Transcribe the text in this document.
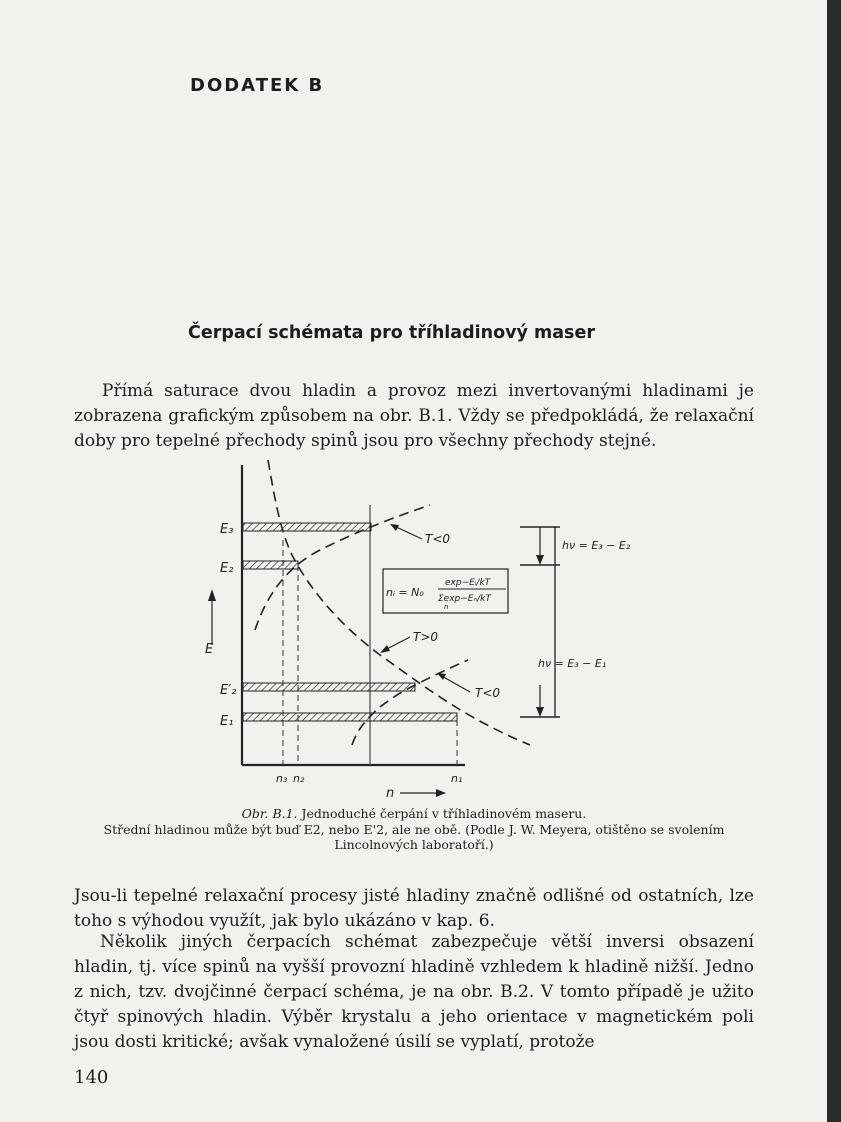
DODATEK B
Čerpací schémata pro tříhladinový maser

Přímá saturace dvou hladin a provoz mezi invertovanými hladinami je zobrazena grafickým způsobem na obr. B.1. Vždy se předpokládá, že relaxační doby pro tepelné přechody spinů jsou pro všechny přechody stejné.

nᵢ = N₀
exp−Eᵢ/kT
Σexp−Eₙ/kT
n
E₃
E₂
E′₂
E₁
E
T<0
T>0
T<0
n₃ n₂	n₁
n
hν = E₃ − E₂
hν = E₃ − E₁

Obr. B.1. Jednoduché čerpání v tříhladinovém maseru.

Střední hladinou může být buď E2, nebo E'2, ale ne obě. (Podle J. W. Meyera, otištěno se svolením Lincolnových laboratoří.)

Jsou-li tepelné relaxační procesy jisté hladiny značně odlišné od ostatních, lze toho s výhodou využít, jak bylo ukázáno v kap. 6.

Několik jiných čerpacích schémat zabezpečuje větší inversi obsazení hladin, tj. více spinů na vyšší provozní hladině vzhledem k hladině nižší. Jedno z nich, tzv. dvojčinné čerpací schéma, je na obr. B.2. V tomto případě je užito čtyř spinových hladin. Výběr krystalu a jeho orientace v magnetickém poli jsou dosti kritické; avšak vynaložené úsilí se vyplatí, protože

140
